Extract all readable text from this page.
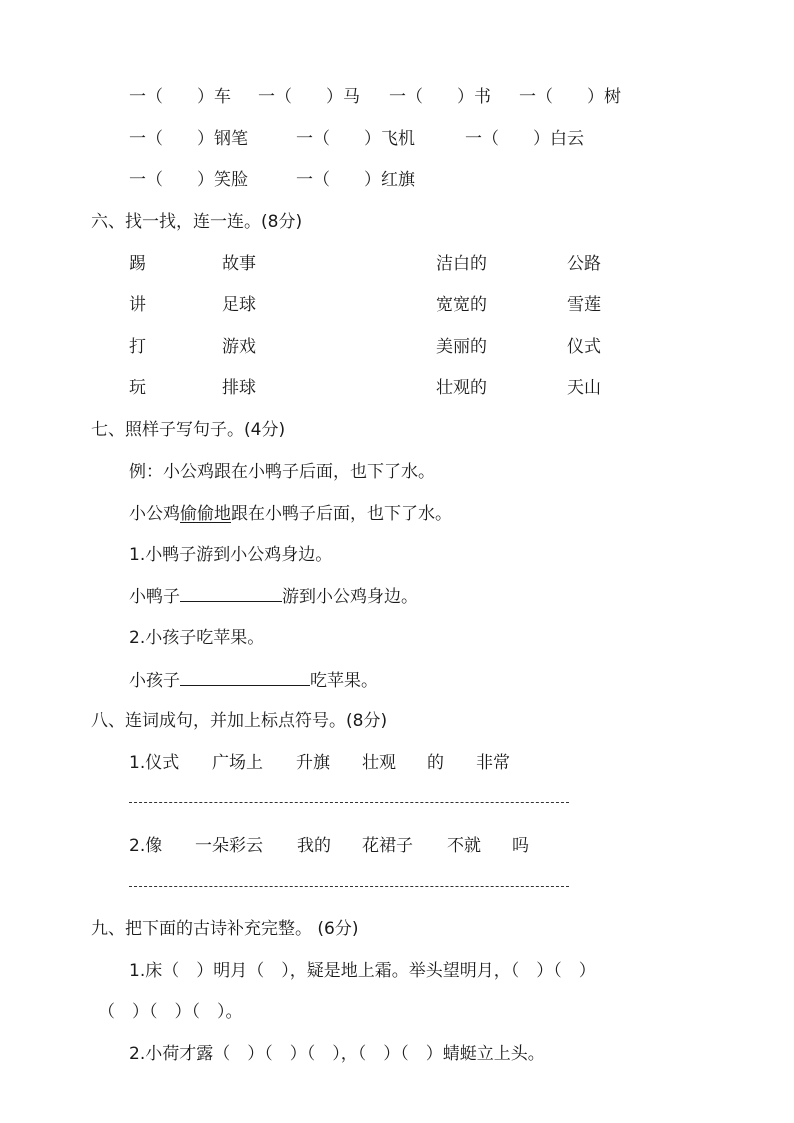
一（　　）车 一（　　）马 一（　　）书 一（　　）树
一（　　）钢笔	一（　　）飞机	一（　　）白云
一（　　）笑脸	一（　　）红旗
六、找一找，连一连。(8分)
踢	故事	洁白的	公路
讲	足球	宽宽的	雪莲
打	游戏	美丽的	仪式
玩	排球	壮观的	天山
七、照样子写句子。(4分)
例：小公鸡跟在小鸭子后面，也下了水。
小公鸡偷偷地跟在小鸭子后面，也下了水。
1.小鸭子游到小公鸡身边。
小鸭子	游到小公鸡身边。
2.小孩子吃苹果。
小孩子	吃苹果。
八、连词成句，并加上标点符号。(8分)
1.仪式 广场上 升旗 壮观 的 非常
2.像 一朵彩云 我的 花裙子 不就 吗
九、把下面的古诗补充完整。 (6分)
1.床（　）明月（　），疑是地上霜。举头望明月，（　）（　）
（　）（　）（　）。
2.小荷才露（　）（　）（　），（　）（　）蜻蜓立上头。
